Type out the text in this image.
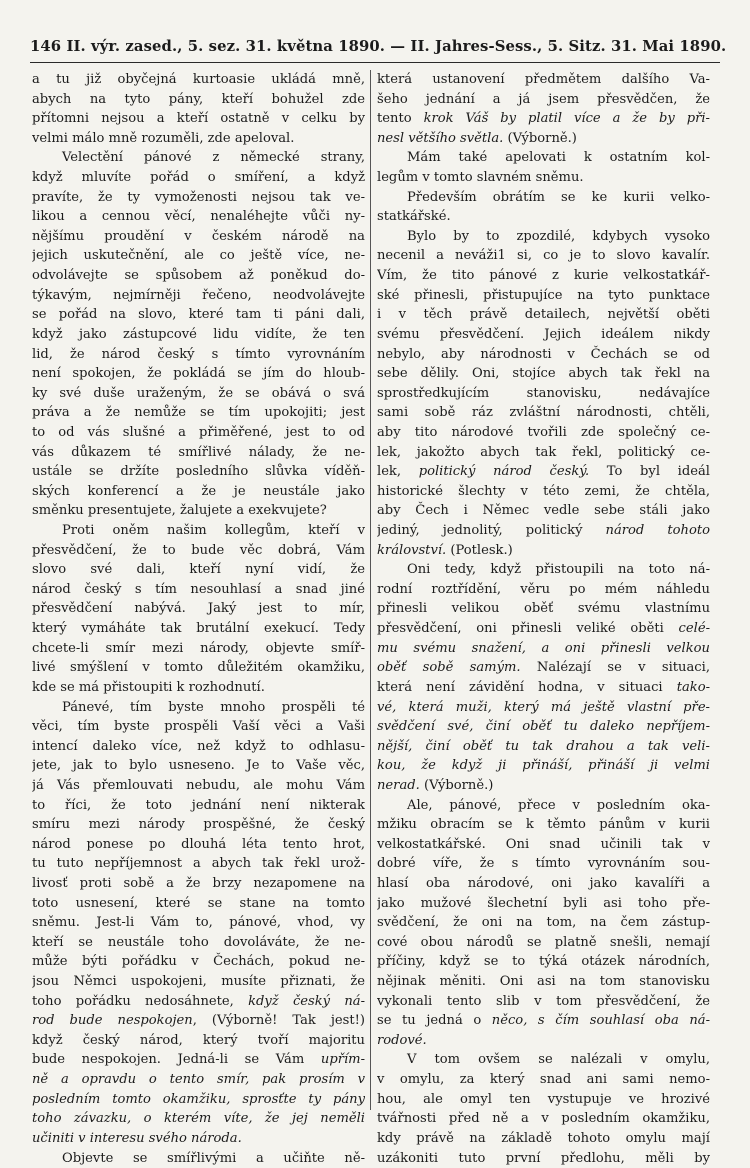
146 II. výr. zased., 5. sez. 31. května 1890. — II. Jahres-Sess., 5. Sitz. 31. Mai 1890.
a tu již obyčejná kurtoasie ukládá mně,
abych na tyto pány, kteří bohužel zde
přítomni nejsou a kteří ostatně v celku by
velmi málo mně rozuměli, zde apeloval.
Velectění pánové z německé strany,
když mluvíte pořád o smíření, a když
pravíte, že ty vymoženosti nejsou tak ve-
likou a cennou věcí, nenaléhejte vůči ny-
nějšímu proudění v českém národě na
jejich uskutečnění, ale co ještě více, ne-
odvolávejte se spůsobem až poněkud do-
týkavým, nejmírněji řečeno, neodvolávejte
se pořád na slovo, které tam ti páni dali,
když jako zástupcové lidu vidíte, že ten
lid, že národ český s tímto vyrovnáním
není spokojen, že pokládá se jím do hloub-
ky své duše uraženým, že se obává o svá
práva a že nemůže se tím upokojiti; jest
to od vás slušné a přiměřené, jest to od
vás důkazem té smířlivé nálady, že ne-
ustále se držíte posledního slůvka víděň-
ských konferencí a že je neustále jako
směnku presentujete, žalujete a exekvujete?
Proti oněm našim kollegům, kteří v
přesvědčení, že to bude věc dobrá, Vám
slovo své dali, kteří nyní vidí, že
národ český s tím nesouhlasí a snad jiné
přesvědčení nabývá. Jaký jest to mír,
který vymáháte tak brutální exekucí. Tedy
chcete-li smír mezi národy, objevte smíř-
livé smýšlení v tomto důležitém okamžiku,
kde se má přistoupiti k rozhodnutí.
Pánevé, tím byste mnoho prospěli té
věci, tím byste prospěli Vaší věci a Vaši
intencí daleko více, než když to odhlasu-
jete, jak to bylo usneseno. Je to Vaše věc,
já Vás přemlouvati nebudu, ale mohu Vám
to říci, že toto jednání není nikterak
smíru mezi národy prospěšné, že český
národ ponese po dlouhá léta tento hrot,
tu tuto nepříjemnost a abych tak řekl urož-
livosť proti sobě a že brzy nezapomene na
toto usnesení, které se stane na tomto
sněmu. Jest-li Vám to, pánové, vhod, vy
kteří se neustále toho dovoláváte, že ne-
může býti pořádku v Čechách, pokud ne-
jsou Němci uspokojeni, musíte přiznati, že
toho pořádku nedosáhnete, když český ná-
rod bude nespokojen, (Výborně! Tak jest!)
když český národ, který tvoří majoritu
bude nespokojen. Jedná-li se Vám upřím-
ně a opravdu o tento smír, pak prosím v
posledním tomto okamžiku, sprosťte ty pány
toho závazku, o kterém víte, že jej neměli
učiniti v interesu svého národa.
Objevte se smířlivými a učiňte ně-
která ustanovení předmětem dalšího Va-
šeho jednání a já jsem přesvědčen, že
tento krok Váš by platil více a že by při-
nesl většího světla. (Výborně.)
Mám také apelovati k ostatním kol-
legům v tomto slavném sněmu.
Především obrátím se ke kurii velko-
statkářské.
Bylo by to zpozdilé, kdybych vysoko
necenil a neváži1 si, co je to slovo kavalír.
Vím, že tito pánové z kurie velkostatkář-
ské přinesli, přistupujíce na tyto punktace
i v těch právě detailech, největší oběti
svému přesvědčení. Jejich ideálem nikdy
nebylo, aby národnosti v Čechách se od
sebe dělily. Oni, stojíce abych tak řekl na
sprostředkujícím stanovisku, nedávajíce
sami sobě ráz zvláštní národnosti, chtěli,
aby tito národové tvořili zde společný ce-
lek, jakožto abych tak řekl, politický ce-
lek, politický národ český. To byl ideál
historické šlechty v této zemi, že chtěla,
aby Čech i Němec vedle sebe stáli jako
jediný, jednolitý, politický národ tohoto
království. (Potlesk.)
Oni tedy, když přistoupili na toto ná-
rodní roztřídění, věru po mém náhledu
přinesli velikou oběť svému vlastnímu
přesvědčení, oni přinesli veliké oběti celé-
mu svému snažení, a oni přinesli velkou
oběť sobě samým. Nalézají se v situaci,
která není závidění hodna, v situaci tako-
vé, která muži, který má ještě vlastní pře-
svědčení své, činí oběť tu daleko nepříjem-
nější, činí oběť tu tak drahou a tak veli-
kou, že když ji přináší, přináší ji velmi
nerad. (Výborně.)
Ale, pánové, přece v posledním oka-
mžiku obracím se k těmto pánům v kurii
velkostatkářské. Oni snad učinili tak v
dobré víře, že s tímto vyrovnáním sou-
hlasí oba národové, oni jako kavalíři a
jako mužové šlechetní byli asi toho pře-
svědčení, že oni na tom, na čem zástup-
cové obou národů se platně snešli, nemají
příčiny, když se to týká otázek národních,
nějinak měniti. Oni asi na tom stanovisku
vykonali tento slib v tom přesvědčení, že
se tu jedná o něco, s čím souhlasí oba ná-
rodové.
V tom ovšem se nalézali v omylu,
v omylu, za který snad ani sami nemo-
hou, ale omyl ten vystupuje ve hrozivé
tvářnosti před ně a v posledním okamžiku,
kdy právě na základě tohoto omylu mají
uzákoniti tuto první předlohu, měli by
